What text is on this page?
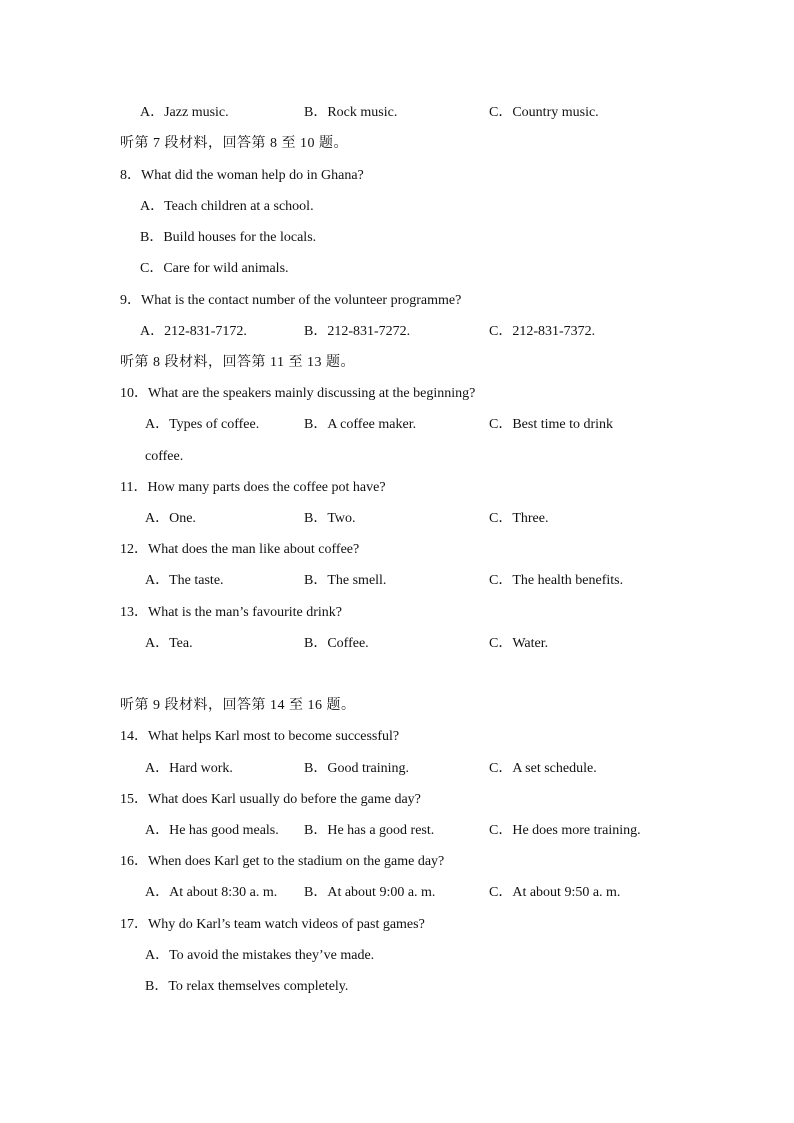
A．Jazz music.	B．Rock music.	C．Country music.
听第 7 段材料，回答第 8 至 10 题。
8．What did the woman help do in Ghana?
A．Teach children at a school.
B．Build houses for the locals.
C．Care for wild animals.
9．What is the contact number of the volunteer programme?
A．212-831-7172.	B．212-831-7272.	C．212-831-7372.
听第 8 段材料，回答第 11 至 13 题。
10．What are the speakers mainly discussing at the beginning?
A．Types of coffee.	B．A coffee maker.	C．Best time to drink
coffee.
11．How many parts does the coffee pot have?
A．One.	B．Two.	C．Three.
12．What does the man like about coffee?
A．The taste.	B．The smell.	C．The health benefits.
13．What is the man’s favourite drink?
A．Tea.	B．Coffee.	C．Water.
听第 9 段材料，回答第 14 至 16 题。
14．What helps Karl most to become successful?
A．Hard work.	B．Good training.	C．A set schedule.
15．What does Karl usually do before the game day?
A．He has good meals. B．He has a good rest.	C．He does more training.
16．When does Karl get to the stadium on the game day?
A．At about 8:30 a. m. B．At about 9:00 a. m.	C．At about 9:50 a. m.
17．Why do Karl’s team watch videos of past games?
A．To avoid the mistakes they’ve made.
B．To relax themselves completely.
